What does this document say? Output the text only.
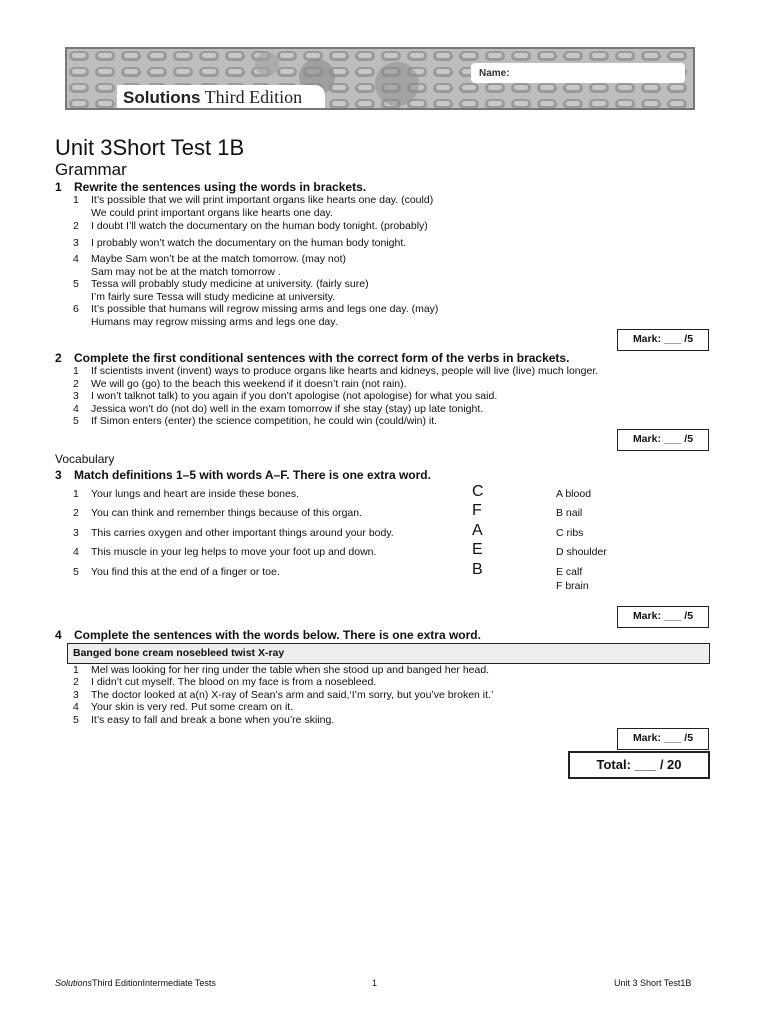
Name:
Solutions Third Edition
Unit 3Short Test 1B
Grammar
1 Rewrite the sentences using the words in brackets.
1 It’s possible that we will print important organs like hearts one day. (could)
We could print important organs like hearts one day.
2 I doubt I’ll watch the documentary on the human body tonight. (probably)
3 I probably won’t watch the documentary on the human body tonight.
4 Maybe Sam won’t be at the match tomorrow. (may not)
Sam may not be at the match tomorrow .
5 Tessa will probably study medicine at university. (fairly sure)
I’m fairly sure Tessa will study medicine at university.
6 It’s possible that humans will regrow missing arms and legs one day. (may)
Humans may regrow missing arms and legs one day.
Mark: ___ /5
2 Complete the first conditional sentences with the correct form of the verbs in brackets.
1 If scientists invent (invent) ways to produce organs like hearts and kidneys, people will live (live) much longer.
2 We will go (go) to the beach this weekend if it doesn’t rain (not rain).
3 I won’t talknot talk) to you again if you don’t apologise (not apologise) for what you said.
4 Jessica won’t do (not do) well in the exam tomorrow if she stay (stay) up late tonight.
5 If Simon enters (enter) the science competition, he could win (could/win) it.
Mark: ___ /5
Vocabulary
3 Match definitions 1–5 with words A–F. There is one extra word.
1 Your lungs and heart are inside these bones.
2 You can think and remember things because of this organ.
3 This carries oxygen and other important things around your body.
4 This muscle in your leg helps to move your foot up and down.
5 You find this at the end of a finger or toe.
C
F
A
E
B
A blood
B nail
C ribs
D shoulder
E calf
F brain
Mark: ___ /5
4 Complete the sentences with the words below. There is one extra word.
Banged bone cream nosebleed twist X-ray
1 Mel was looking for her ring under the table when she stood up and banged her head.
2 I didn’t cut myself. The blood on my face is from a nosebleed.
3 The doctor looked at a(n) X-ray of Sean’s arm and said,‘I’m sorry, but you’ve broken it.’
4 Your skin is very red. Put some cream on it.
5 It’s easy to fall and break a bone when you’re skiing.
Mark: ___ /5
Total: ___ / 20
SolutionsThird EditionIntermediate Tests	1	Unit 3 Short Test1B
